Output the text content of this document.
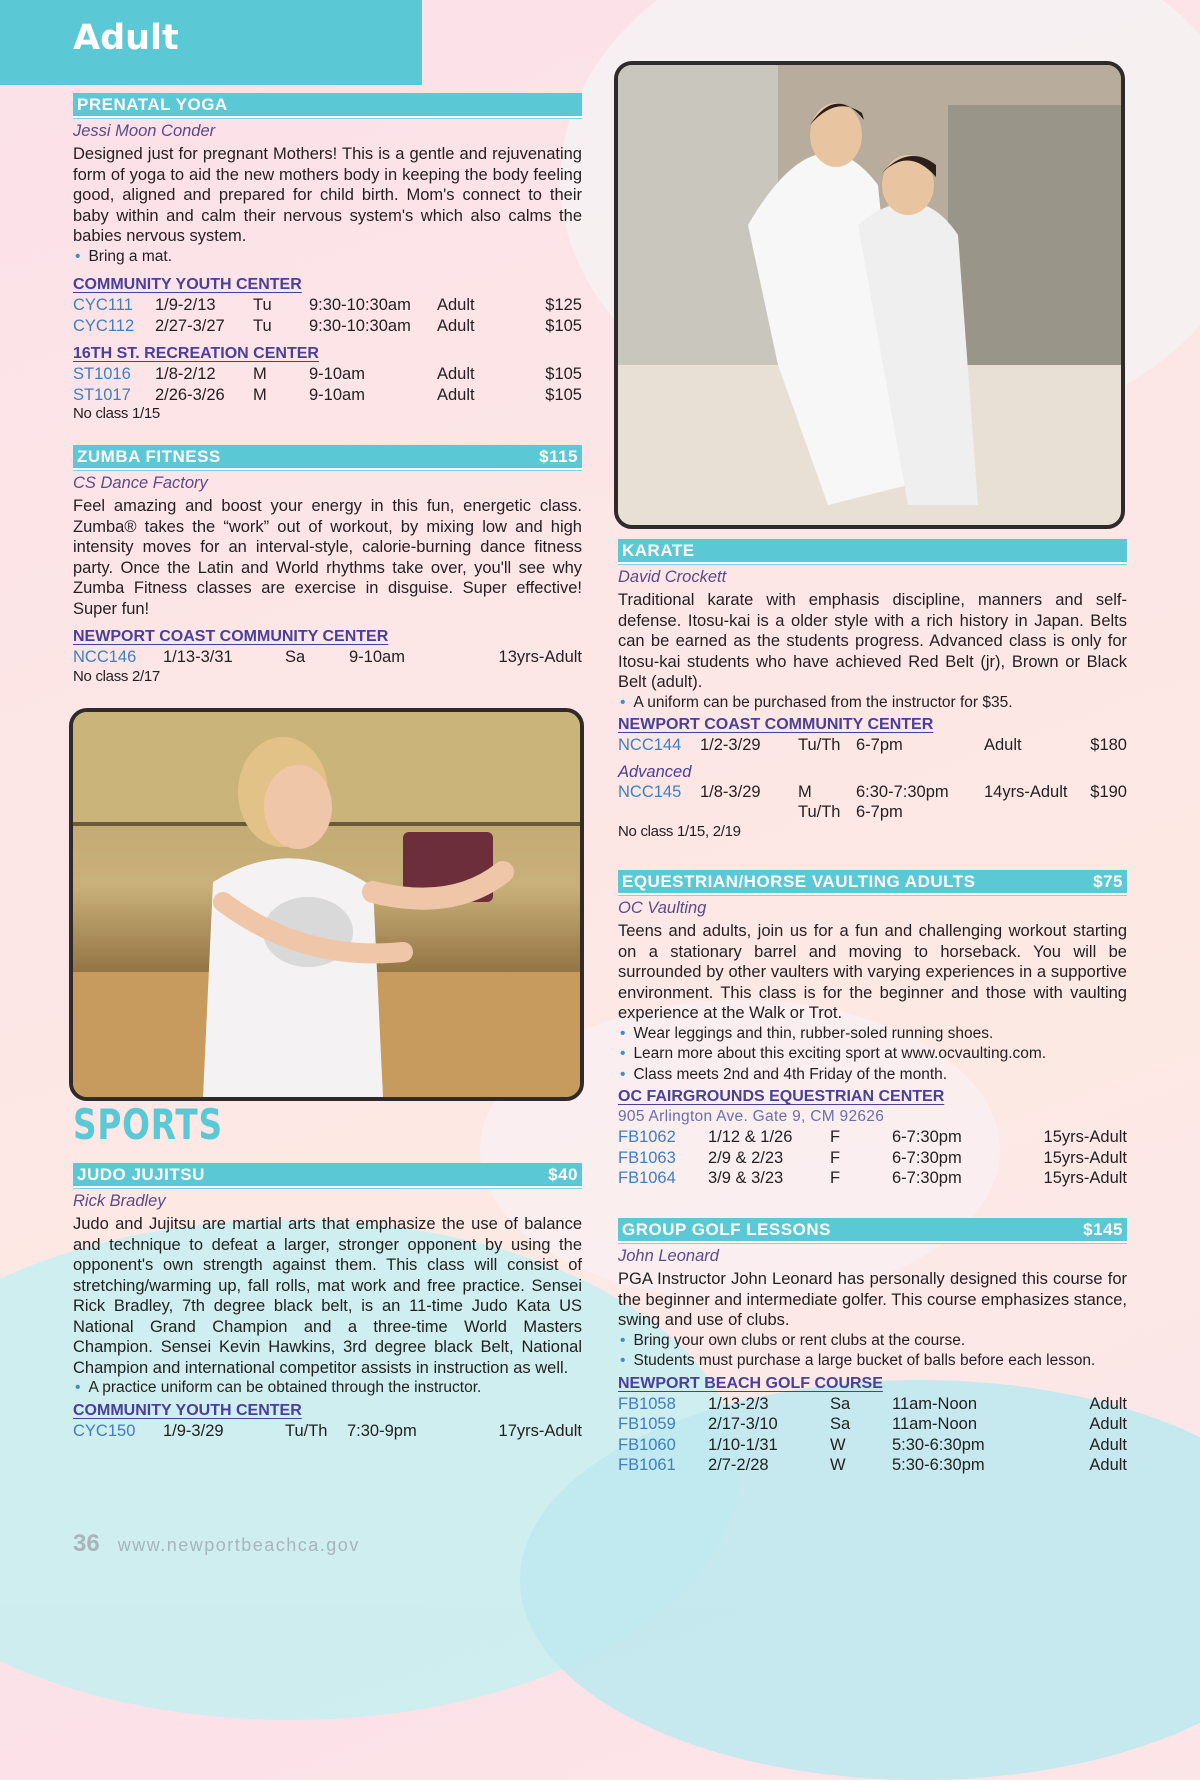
Adult
PRENATAL YOGA
Jessi Moon Conder

Designed just for pregnant Mothers! This is a gentle and rejuvenating form of yoga to aid the new mothers body in keeping the body feeling good, aligned and prepared for child birth. Mom's connect to their baby within and calm their nervous system's which also calms the babies nervous system.

• Bring a mat.
COMMUNITY YOUTH CENTER
CYC111	1/9-2/13	Tu	9:30-10:30am	Adult	$125
CYC112	2/27-3/27	Tu	9:30-10:30am	Adult	$105
16TH ST. RECREATION CENTER
ST1016	1/8-2/12	M	9-10am	Adult	$105
ST1017	2/26-3/26	M	9-10am	Adult	$105
No class 1/15
ZUMBA FITNESS	$115
CS Dance Factory

Feel amazing and boost your energy in this fun, energetic class. Zumba® takes the “work” out of workout, by mixing low and high intensity moves for an interval-style, calorie-burning dance fitness party. Once the Latin and World rhythms take over, you'll see why Zumba Fitness classes are exercise in disguise. Super effective! Super fun!

NEWPORT COAST COMMUNITY CENTER
NCC146	1/13-3/31	Sa	9-10am	13yrs-Adult
No class 2/17
SPORTS
JUDO JUJITSU	$40
Rick Bradley

Judo and Jujitsu are martial arts that emphasize the use of balance and technique to defeat a larger, stronger opponent by using the opponent's own strength against them. This class will consist of stretching/warming up, fall rolls, mat work and free practice. Sensei Rick Bradley, 7th degree black belt, is an 11-time Judo Kata US National Grand Champion and a three-time World Masters Champion. Sensei Kevin Hawkins, 3rd degree black Belt, National Champion and international competitor assists in instruction as well.

• A practice uniform can be obtained through the instructor.
COMMUNITY YOUTH CENTER
CYC150	1/9-3/29	Tu/Th	7:30-9pm	17yrs-Adult
KARATE
David Crockett

Traditional karate with emphasis discipline, manners and self-defense. Itosu-kai is a older style with a rich history in Japan. Belts can be earned as the students progress. Advanced class is only for Itosu-kai students who have achieved Red Belt (jr), Brown or Black Belt (adult).

• A uniform can be purchased from the instructor for $35.
NEWPORT COAST COMMUNITY CENTER
NCC144	1/2-3/29	Tu/Th	6-7pm	Adult	$180
Advanced
NCC145	1/8-3/29	M	6:30-7:30pm	14yrs-Adult	$190
		Tu/Th	6-7pm		
No class 1/15, 2/19
EQUESTRIAN/HORSE VAULTING ADULTS	$75
OC Vaulting

Teens and adults, join us for a fun and challenging workout starting on a stationary barrel and moving to horseback. You will be surrounded by other vaulters with varying experiences in a supportive environment. This class is for the beginner and those with vaulting experience at the Walk or Trot.

• Wear leggings and thin, rubber-soled running shoes.
• Learn more about this exciting sport at www.ocvaulting.com.
• Class meets 2nd and 4th Friday of the month.
OC FAIRGROUNDS EQUESTRIAN CENTER
905 Arlington Ave. Gate 9, CM 92626
FB1062	1/12 & 1/26	F	6-7:30pm	15yrs-Adult
FB1063	2/9 & 2/23	F	6-7:30pm	15yrs-Adult
FB1064	3/9 & 3/23	F	6-7:30pm	15yrs-Adult
GROUP GOLF LESSONS	$145
John Leonard

PGA Instructor John Leonard has personally designed this course for the beginner and intermediate golfer. This course emphasizes stance, swing and use of clubs.

• Bring your own clubs or rent clubs at the course.
• Students must purchase a large bucket of balls before each lesson.
NEWPORT BEACH GOLF COURSE
FB1058	1/13-2/3	Sa	11am-Noon	Adult
FB1059	2/17-3/10	Sa	11am-Noon	Adult
FB1060	1/10-1/31	W	5:30-6:30pm	Adult
FB1061	2/7-2/28	W	5:30-6:30pm	Adult
36 www.newportbeachca.gov
